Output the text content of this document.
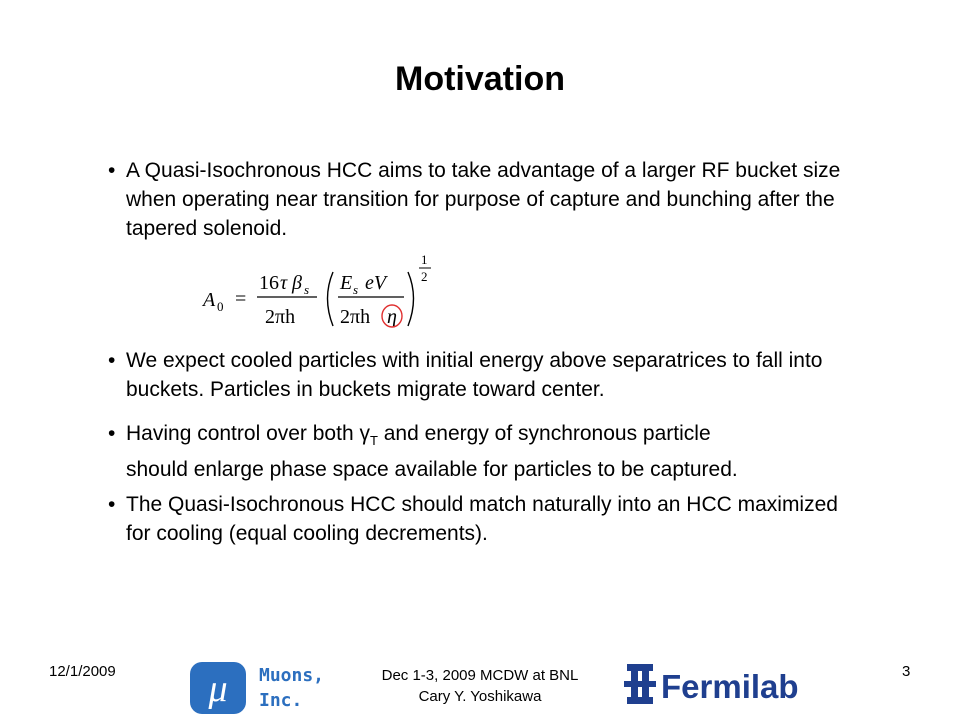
Motivation
• A Quasi-Isochronous HCC aims to take advantage of a larger RF bucket size when operating near transition for purpose of capture and bunching after the tapered solenoid.
A 0 =
16 τ β s
2πh
E s eV
2πh η
1
2
• We expect cooled particles with initial energy above separatrices to fall into buckets. Particles in buckets migrate toward center.
• Having control over both $\gamma_T$ and energy of synchronous particle
should enlarge phase space available for particles to be captured.
• The Quasi-Isochronous HCC should match naturally into an HCC maximized for cooling (equal cooling decrements).
12/1/2009 μ Muons,
Inc.
Dec 1-3, 2009 MCDW at BNL
Cary Y. Yoshikawa	Fermilab	3
